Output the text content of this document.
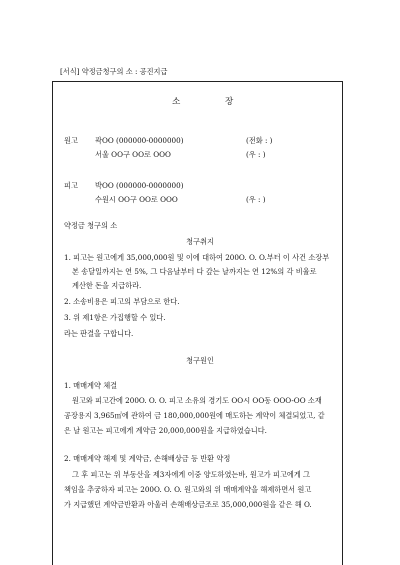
[서식] 약정금청구의 소 : 공진지급
소	장
원고 곽OO (000000-0000000)	(전화 : )
서울 OO구 OO로 OOO	(우 : )
피고 박OO (000000-0000000)
수원시 OO구 OO로 OOO	(우 : )
약정금 청구의 소
청구취지
1. 피고는 원고에게 35,000,000원 및 이에 대하여 200O. O. O.부터 이 사건 소장부
본 송달일까지는 연 5%, 그 다음날부터 다 갚는 날까지는 연 12%의 각 비율로
계산한 돈을 지급하라.
2. 소송비용은 피고의 부담으로 한다.
3. 위 제1항은 가집행할 수 있다.
라는 판결을 구합니다.
청구원인
1. 매매계약 체결
원고와 피고간에 200O. O. O. 피고 소유의 경기도 OO시 OO동 OOO-OO 소재
공장용지 3,965㎡에 관하여 금 180,000,000원에 매도하는 계약이 체결되었고, 같
은 날 원고는 피고에게 계약금 20,000,000원을 지급하였습니다.
2. 매매계약 해제 및 계약금, 손해배상금 등 반환 약정
그 후 피고는 위 부동산을 제3자에게 이중 양도하였는바, 원고가 피고에게 그
책임을 추궁하자 피고는 200O. O. O. 원고와의 위 매매계약을 해제하면서 원고
가 지급했던 계약금반환과 아울러 손해배상금조로 35,000,000원을 같은 해 O.
